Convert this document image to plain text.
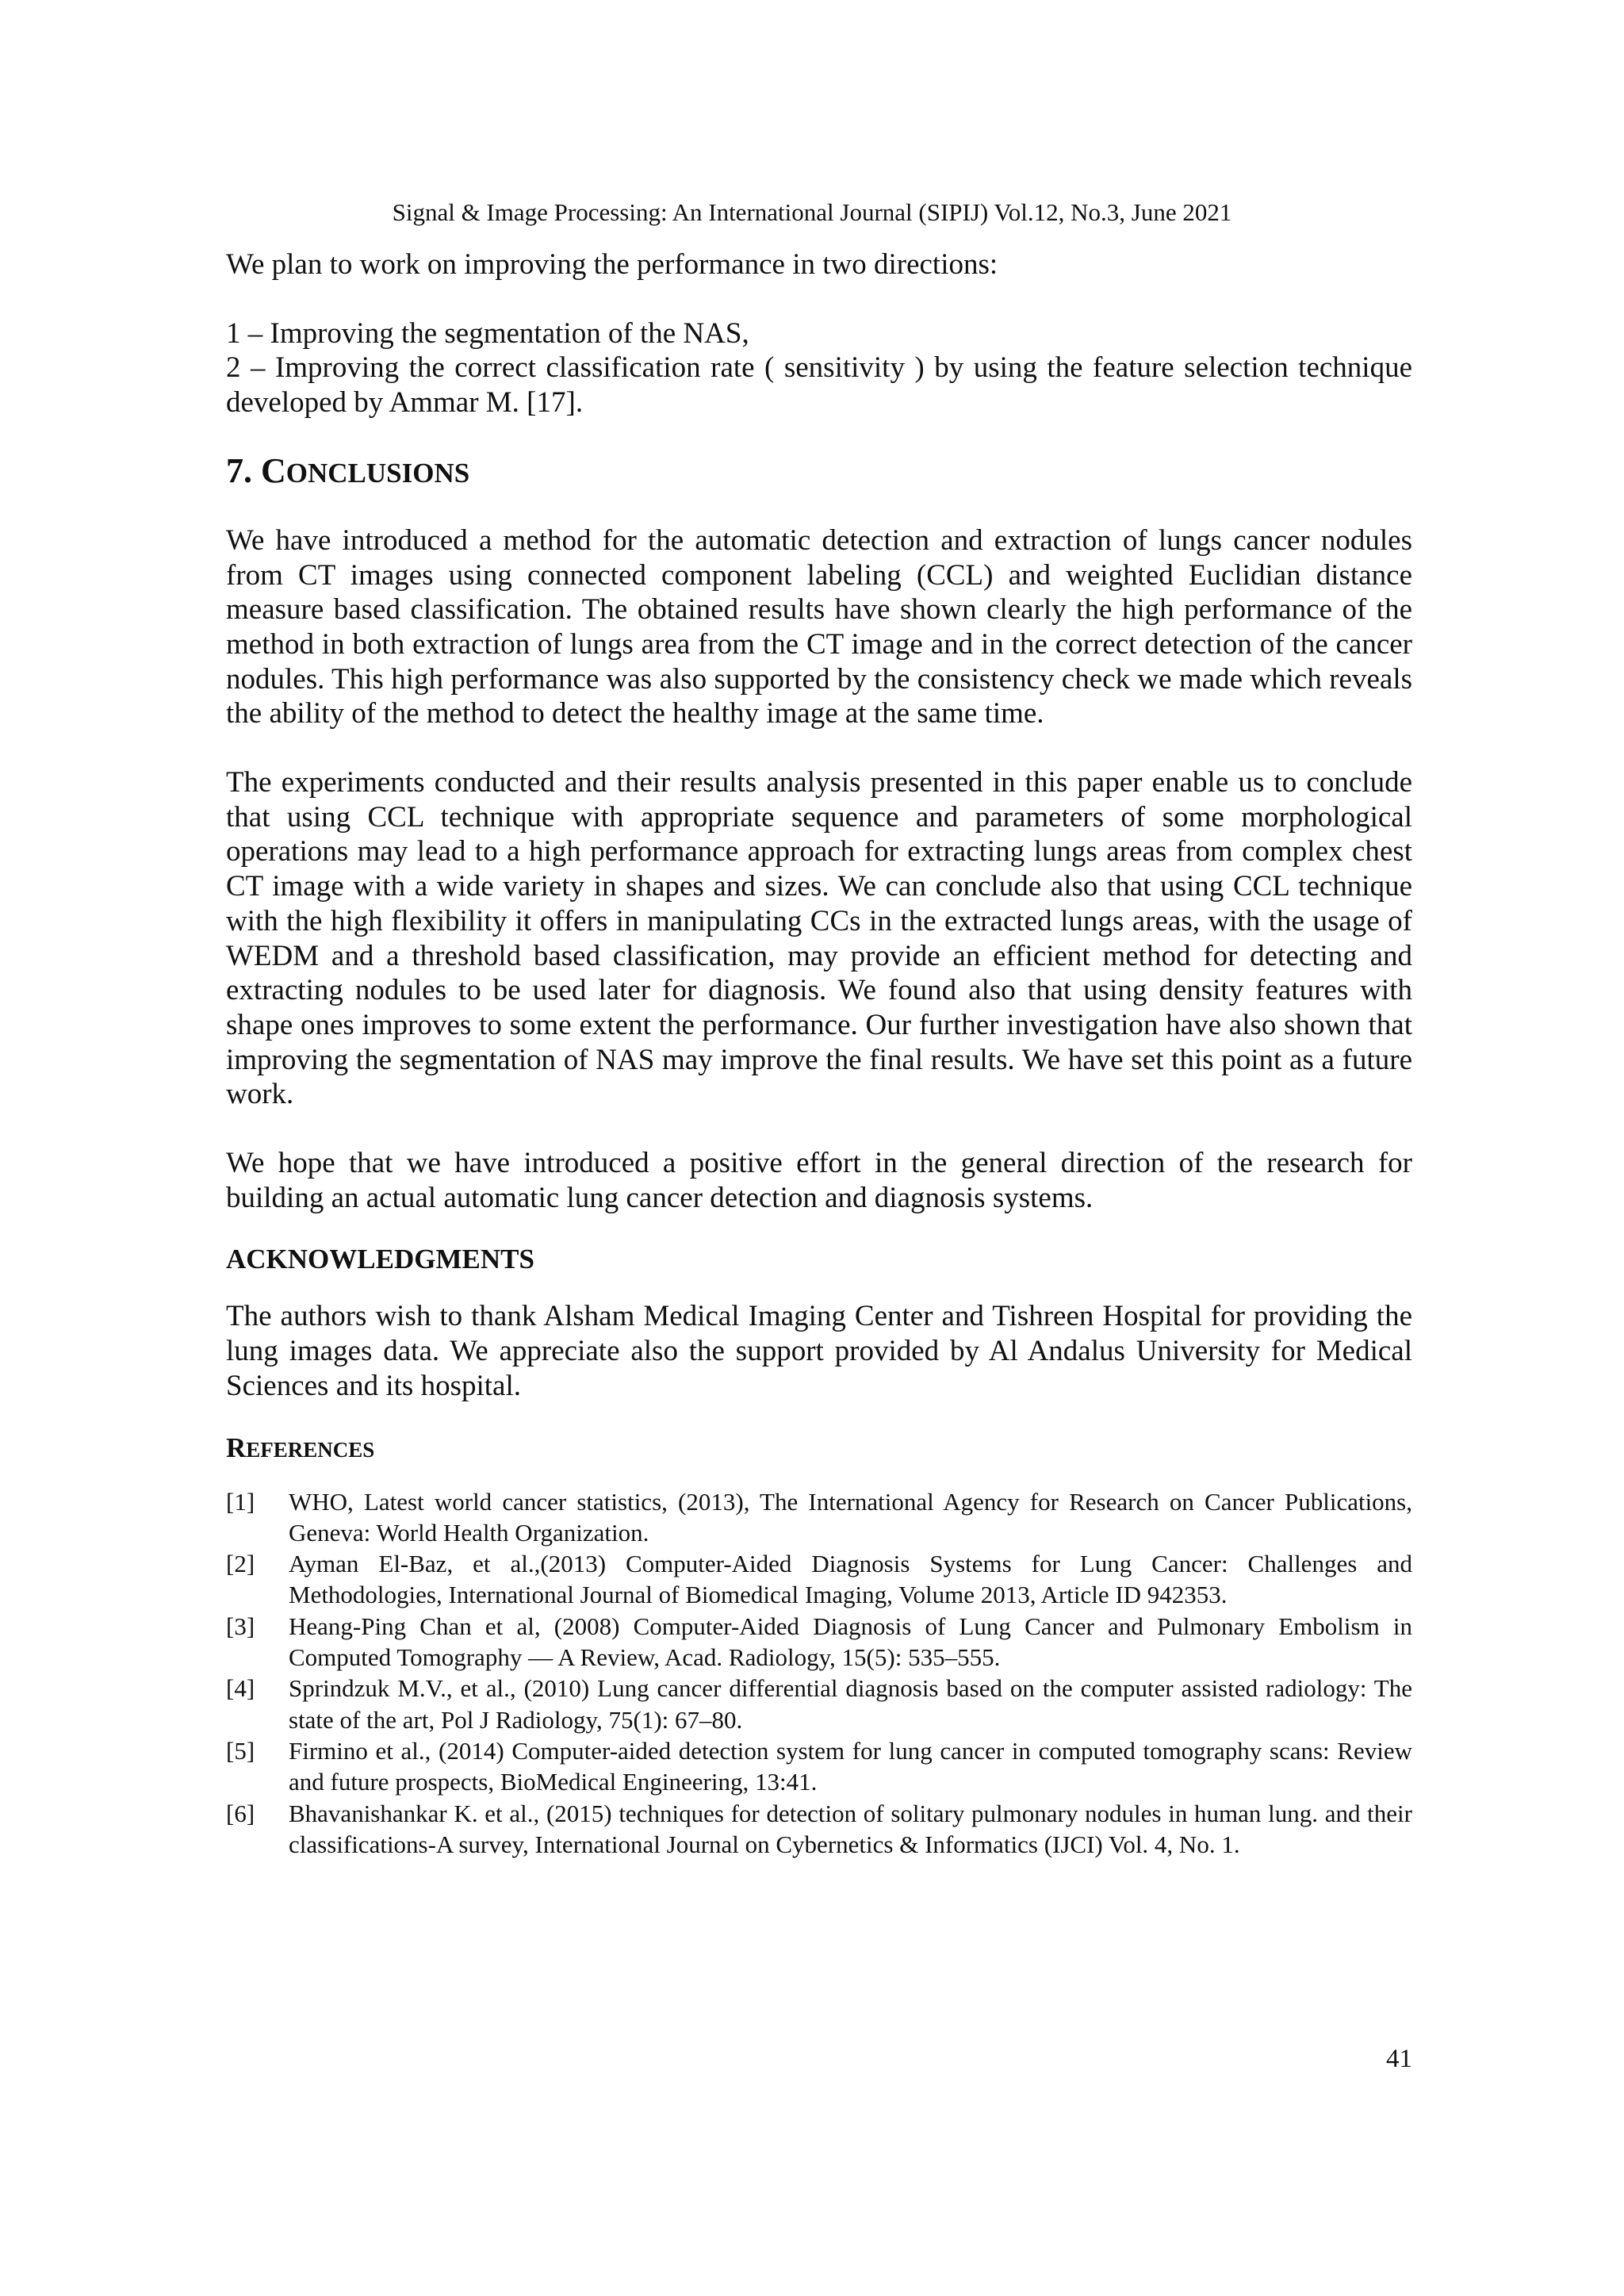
Signal & Image Processing: An International Journal (SIPIJ) Vol.12, No.3, June 2021

We plan to work on improving the performance in two directions:

1 – Improving the segmentation of the NAS,

2 – Improving the correct classification rate ( sensitivity ) by using the feature selection technique developed by Ammar M. [17].

7. CONCLUSIONS

We have introduced a method for the automatic detection and extraction of lungs cancer nodules from CT images using connected component labeling (CCL) and weighted Euclidian distance measure based classification. The obtained results have shown clearly the high performance of the method in both extraction of lungs area from the CT image and in the correct detection of the cancer nodules. This high performance was also supported by the consistency check we made which reveals the ability of the method to detect the healthy image at the same time.

The experiments conducted and their results analysis presented in this paper enable us to conclude that using CCL technique with appropriate sequence and parameters of some morphological operations may lead to a high performance approach for extracting lungs areas from complex chest CT image with a wide variety in shapes and sizes. We can conclude also that using CCL technique with the high flexibility it offers in manipulating CCs in the extracted lungs areas, with the usage of WEDM and a threshold based classification, may provide an efficient method for detecting and extracting nodules to be used later for diagnosis. We found also that using density features with shape ones improves to some extent the performance. Our further investigation have also shown that improving the segmentation of NAS may improve the final results. We have set this point as a future work.

We hope that we have introduced a positive effort in the general direction of the research for building an actual automatic lung cancer detection and diagnosis systems.

ACKNOWLEDGMENTS

The authors wish to thank Alsham Medical Imaging Center and Tishreen Hospital for providing the lung images data. We appreciate also the support provided by Al Andalus University for Medical Sciences and its hospital.

REFERENCES
[1] WHO, Latest world cancer statistics, (2013), The International Agency for Research on Cancer Publications, Geneva: World Health Organization.
[2] Ayman El-Baz, et al.,(2013) Computer-Aided Diagnosis Systems for Lung Cancer: Challenges and Methodologies, International Journal of Biomedical Imaging, Volume 2013, Article ID 942353.
[3] Heang-Ping Chan et al, (2008) Computer-Aided Diagnosis of Lung Cancer and Pulmonary Embolism in Computed Tomography — A Review, Acad. Radiology, 15(5): 535–555.
[4] Sprindzuk M.V., et al., (2010) Lung cancer differential diagnosis based on the computer assisted radiology: The state of the art, Pol J Radiology, 75(1): 67–80.
[5] Firmino et al., (2014) Computer-aided detection system for lung cancer in computed tomography scans: Review and future prospects, BioMedical Engineering, 13:41.
[6] Bhavanishankar K. et al., (2015) techniques for detection of solitary pulmonary nodules in human lung. and their classifications-A survey, International Journal on Cybernetics & Informatics (IJCI) Vol. 4, No. 1.
41
